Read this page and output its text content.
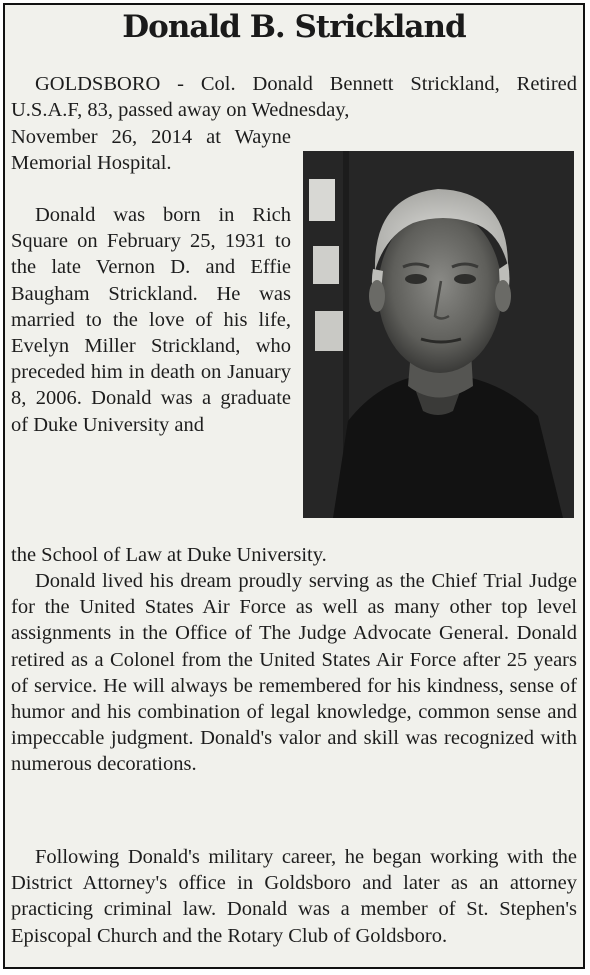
Donald B. Strickland

GOLDSBORO - Col. Donald Bennett Strickland, Retired U.S.A.F, 83, passed away on Wednesday,

November 26, 2014 at Wayne Memorial Hospital.

Donald was born in Rich Square on February 25, 1931 to the late Vernon D. and Effie Baugham Strickland. He was married to the love of his life, Evelyn Miller Strickland, who preceded him in death on January 8, 2006. Donald was a graduate of Duke University and

the School of Law at Duke University.

Donald lived his dream proudly serving as the Chief Trial Judge for the United States Air Force as well as many other top level assignments in the Office of The Judge Advocate General. Donald retired as a Colonel from the United States Air Force after 25 years of service. He will always be remembered for his kindness, sense of humor and his combination of legal knowledge, common sense and impeccable judgment. Donald's valor and skill was recognized with numerous decorations.

Following Donald's military career, he began working with the District Attorney's office in Goldsboro and later as an attorney practicing criminal law. Donald was a member of St. Stephen's Episcopal Church and the Rotary Club of Goldsboro.
